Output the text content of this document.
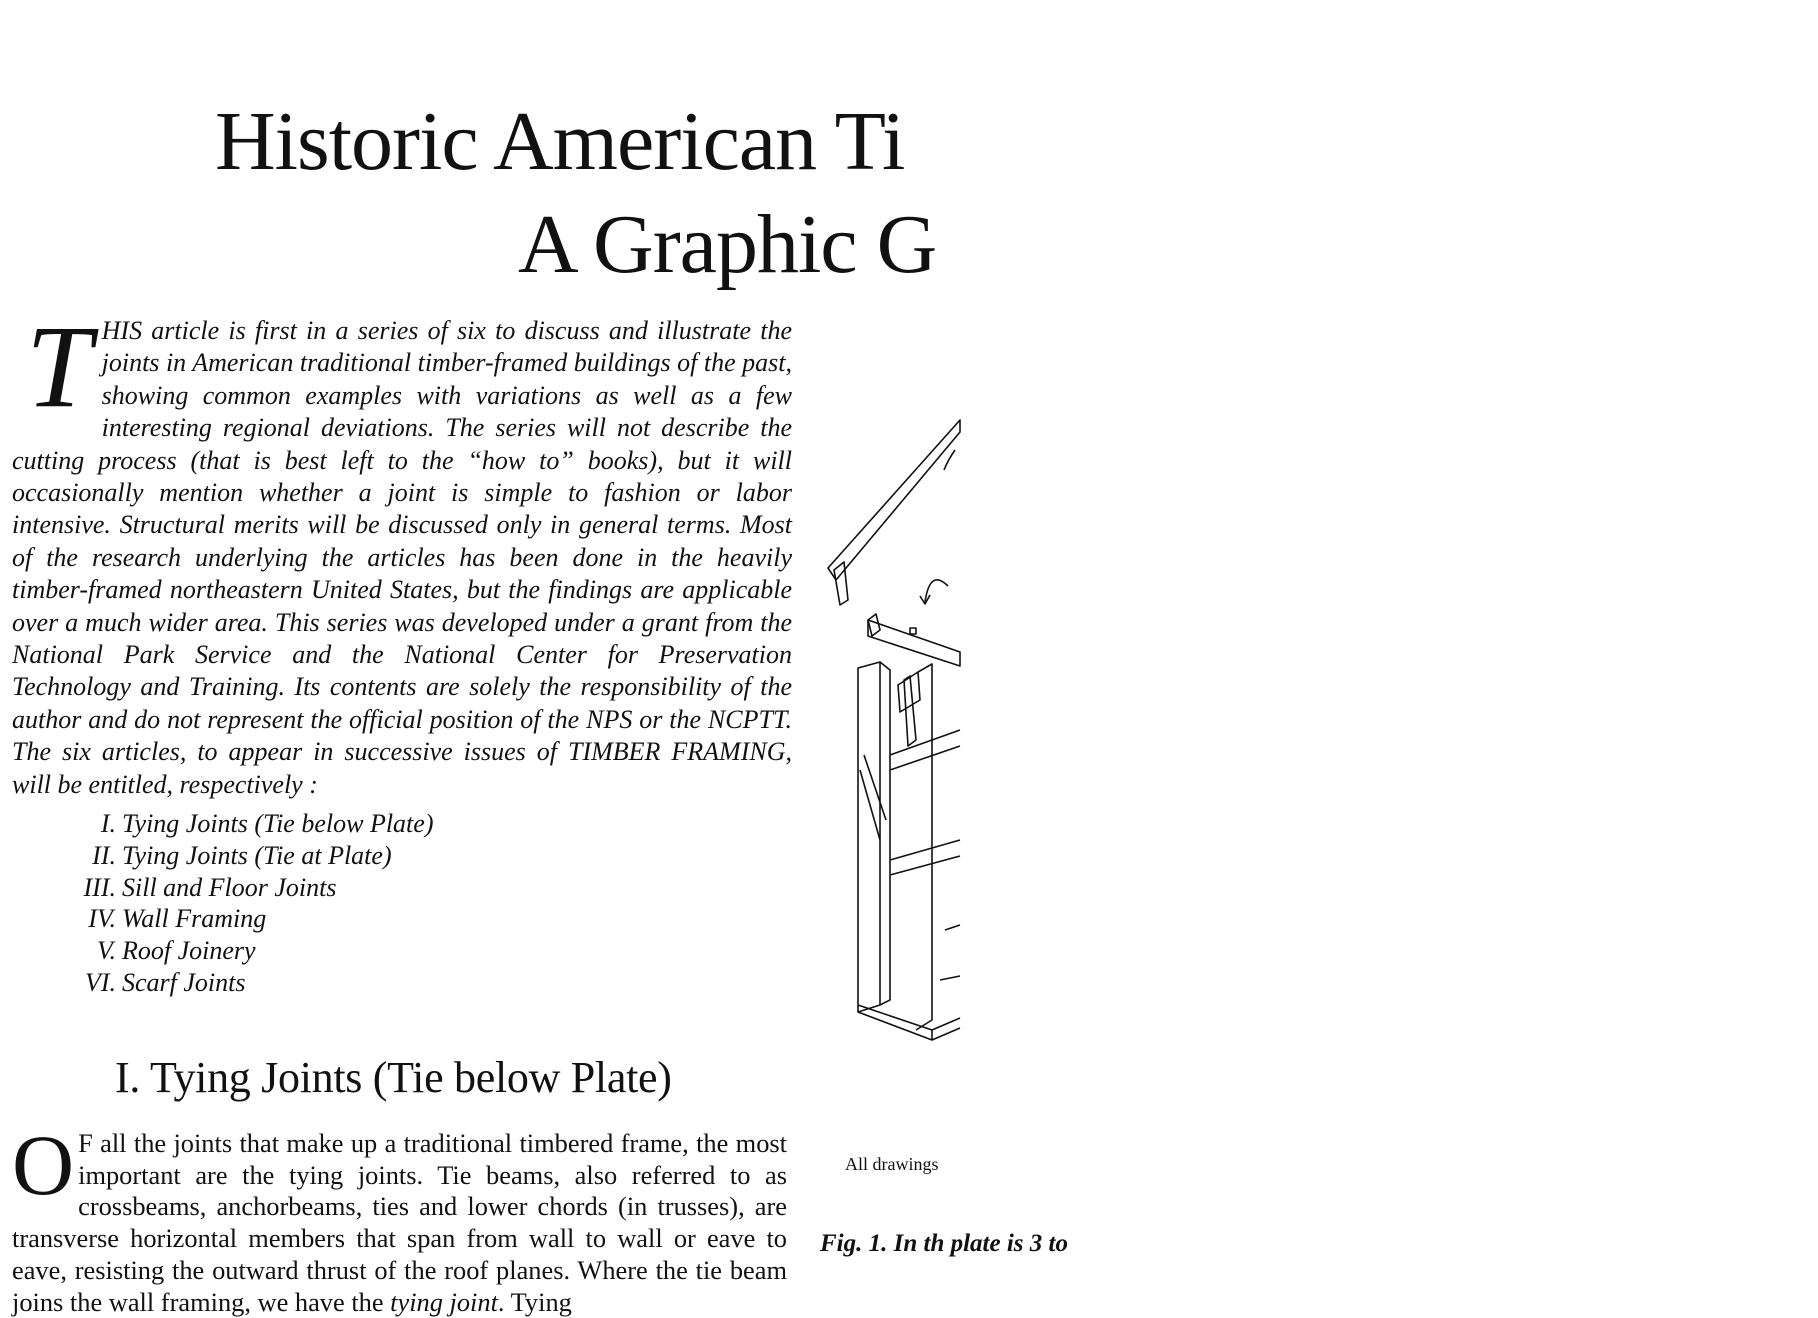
Historic American Ti
A Graphic G

THIS article is first in a series of six to discuss and illustrate the joints in American traditional timber-framed buildings of the past, showing common examples with variations as well as a few interesting regional deviations. The series will not describe the cutting process (that is best left to the “how to” books), but it will occasionally mention whether a joint is simple to fashion or labor intensive. Structural merits will be discussed only in general terms. Most of the research underlying the articles has been done in the heavily timber-framed northeastern United States, but the findings are applicable over a much wider area. This series was developed under a grant from the National Park Service and the National Center for Preservation Technology and Training. Its contents are solely the responsibility of the author and do not represent the official position of the NPS or the NCPTT. The six articles, to appear in successive issues of TIMBER FRAMING, will be entitled, respectively :

I. Tying Joints (Tie below Plate)
II. Tying Joints (Tie at Plate)
III. Sill and Floor Joints
IV. Wall Framing
V. Roof Joinery
VI. Scarf Joints
I. Tying Joints (Tie below Plate)

O F all the joints that make up a traditional timbered frame, the most important are the tying joints. Tie beams, also referred to as crossbeams, anchorbeams, ties and lower chords (in trusses), are transverse horizontal members that span from wall to wall or eave to eave, resisting the outward thrust of the roof planes. Where the tie beam joins the wall framing, we have the tying joint. Tying

All drawings
Fig. 1. In th plate is 3 to
